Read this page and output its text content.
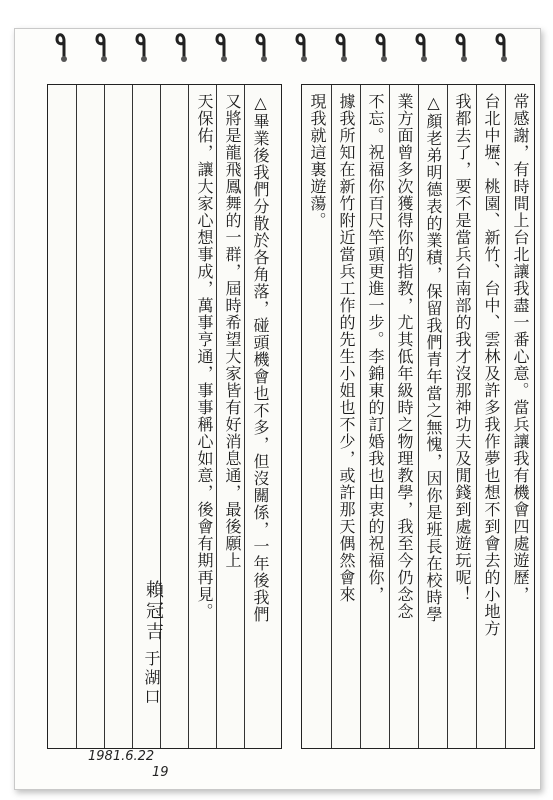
△畢業後我們分散於各角落，碰頭機會也不多，但沒關係，一年後我們
又將是龍飛鳳舞的一群，屆時希望大家皆有好消息通，最後願上
天保佑，讓大家心想事成，萬事亨通，事事稱心如意，後會有期再見。
賴冠吉
于湖口
1981.6.22
19
常感謝，有時間上台北讓我盡一番心意。當兵讓我有機會四處遊歷，
台北中壢、桃園、新竹、台中、雲林及許多我作夢也想不到會去的小地方
我都去了，要不是當兵台南部的我才沒那神功夫及閒錢到處遊玩呢！
△顏老弟明德表的業積，保留我們青年當之無愧，因你是班長在校時學
業方面曾多次獲得你的指教，尤其低年級時之物理教學，我至今仍念念
不忘。祝福你百尺竿頭更進一步。李錦東的訂婚我也由衷的祝福你，
據我所知在新竹附近當兵工作的先生小姐也不少，或許那天偶然會來
現我就這裏遊蕩。
